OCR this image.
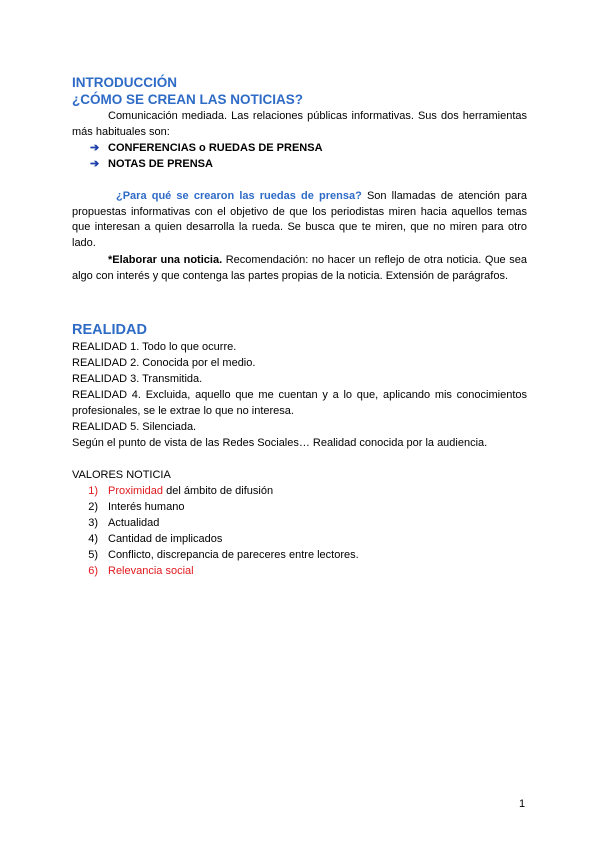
INTRODUCCIÓN
¿CÓMO SE CREAN LAS NOTICIAS?

Comunicación mediada. Las relaciones públicas informativas. Sus dos herramientas más habituales son:

➔ CONFERENCIAS o RUEDAS DE PRENSA
➔ NOTAS DE PRENSA

¿Para qué se crearon las ruedas de prensa? Son llamadas de atención para propuestas informativas con el objetivo de que los periodistas miren hacia aquellos temas que interesan a quien desarrolla la rueda. Se busca que te miren, que no miren para otro lado.

*Elaborar una noticia. Recomendación: no hacer un reflejo de otra noticia. Que sea algo con interés y que contenga las partes propias de la noticia. Extensión de parágrafos.

REALIDAD

REALIDAD 1. Todo lo que ocurre.

REALIDAD 2. Conocida por el medio.

REALIDAD 3. Transmitida.

REALIDAD 4. Excluida, aquello que me cuentan y a lo que, aplicando mis conocimientos profesionales, se le extrae lo que no interesa.

REALIDAD 5. Silenciada.

Según el punto de vista de las Redes Sociales… Realidad conocida por la audiencia.

VALORES NOTICIA

1) Proximidad del ámbito de difusión
2) Interés humano
3) Actualidad
4) Cantidad de implicados
5) Conflicto, discrepancia de pareceres entre lectores.
6) Relevancia social
1
